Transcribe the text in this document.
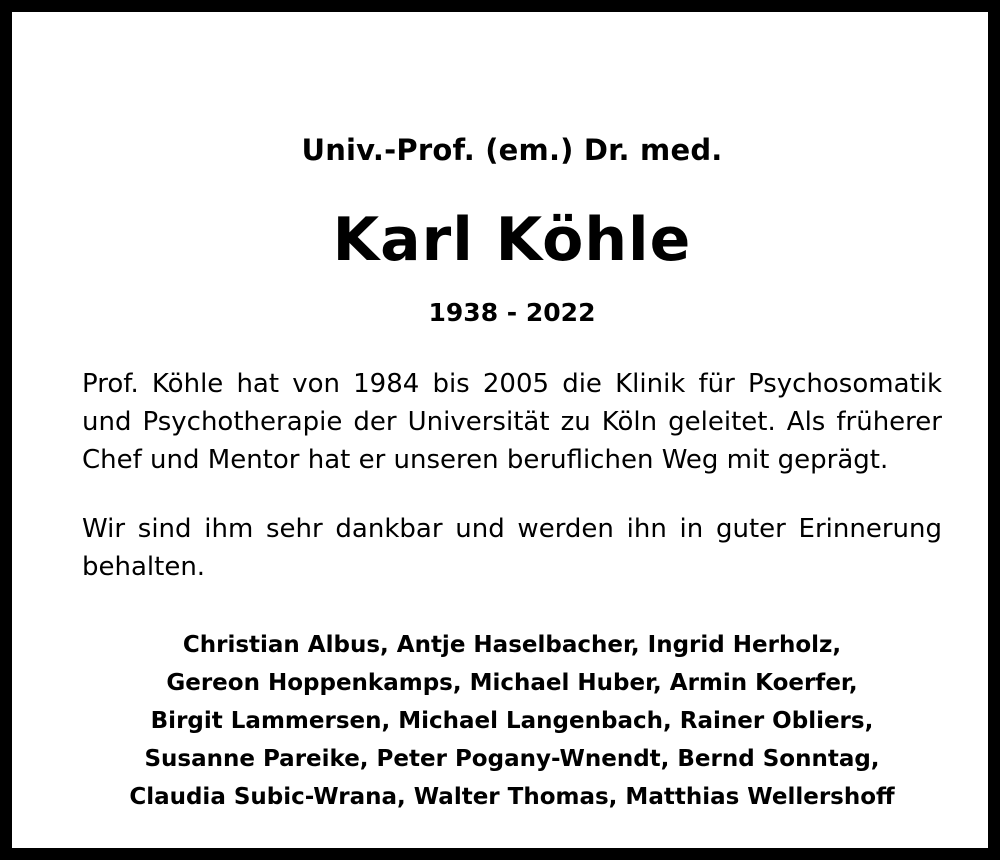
Univ.-Prof. (em.) Dr. med.
Karl Köhle
1938 - 2022
Prof. Köhle hat von 1984 bis 2005 die Klinik für Psychosomatik
und Psychotherapie der Universität zu Köln geleitet. Als früherer
Chef und Mentor hat er unseren beruflichen Weg mit geprägt.
Wir sind ihm sehr dankbar und werden ihn in guter Erinnerung
behalten.
Christian Albus, Antje Haselbacher, Ingrid Herholz,
Gereon Hoppenkamps, Michael Huber, Armin Koerfer,
Birgit Lammersen, Michael Langenbach, Rainer Obliers,
Susanne Pareike, Peter Pogany-Wnendt, Bernd Sonntag,
Claudia Subic-Wrana, Walter Thomas, Matthias Wellershoff
